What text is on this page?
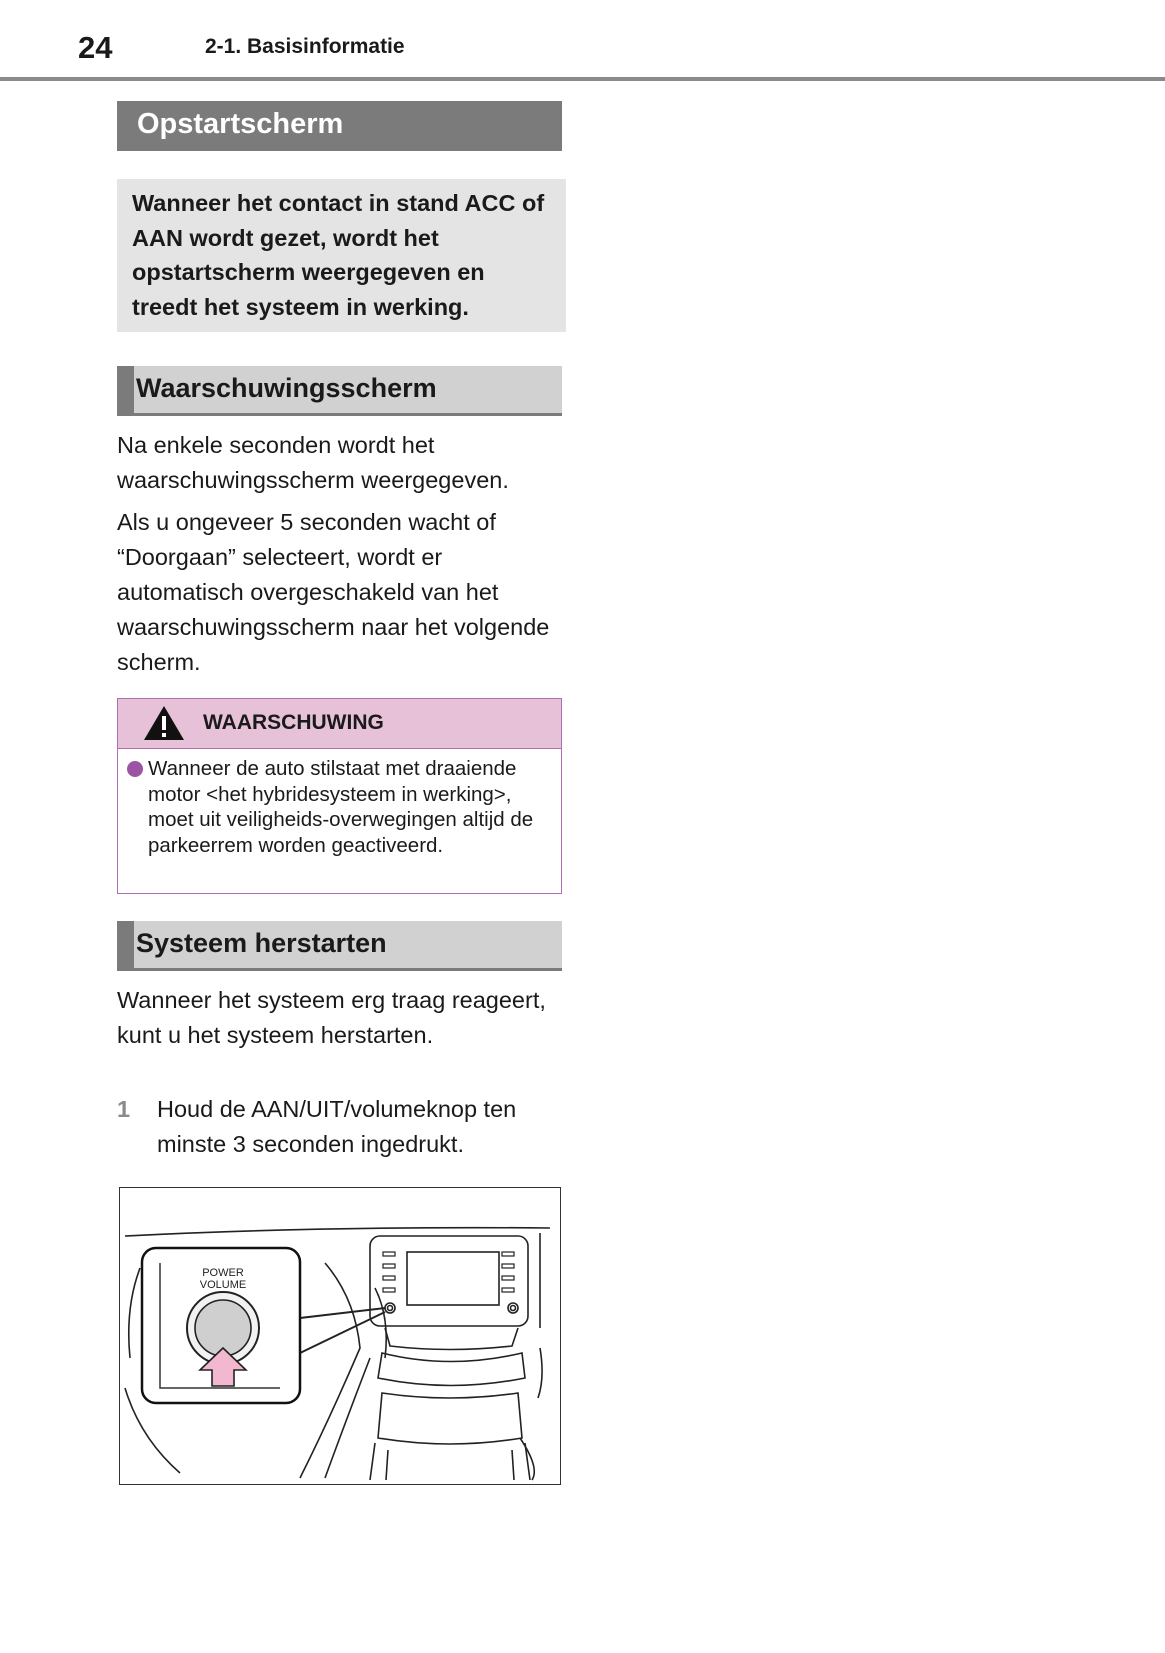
24	2-1. Basisinformatie
Opstartscherm

Wanneer het contact in stand ACC of AAN wordt gezet, wordt het opstartscherm weergegeven en treedt het systeem in werking.

Waarschuwingsscherm

Na enkele seconden wordt het waarschuwingsscherm weergegeven.

Als u ongeveer 5 seconden wacht of “Doorgaan” selecteert, wordt er automatisch overgeschakeld van het waarschuwingsscherm naar het volgende scherm.

WAARSCHUWING

Wanneer de auto stilstaat met draaiende motor <het hybridesysteem in werking>, moet uit veiligheids-overwegingen altijd de parkeerrem worden geactiveerd.

Systeem herstarten

Wanneer het systeem erg traag reageert, kunt u het systeem herstarten.

1 Houd de AAN/UIT/volumeknop ten minste 3 seconden ingedrukt.

POWER
VOLUME
